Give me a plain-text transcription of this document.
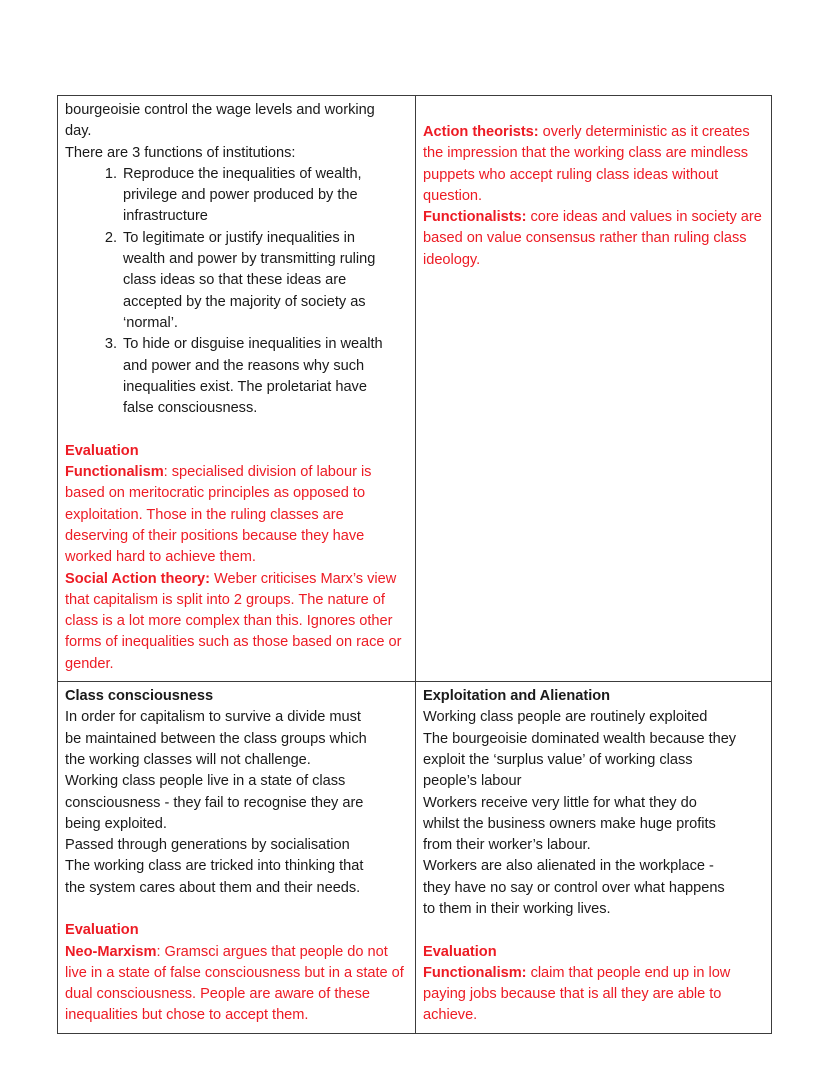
bourgeoisie control the wage levels and working
day.
There are 3 functions of institutions:
1. Reproduce the inequalities of wealth,
privilege and power produced by the
infrastructure
2. To legitimate or justify inequalities in
wealth and power by transmitting ruling
class ideas so that these ideas are
accepted by the majority of society as
‘normal’.
3. To hide or disguise inequalities in wealth
and power and the reasons why such
inequalities exist. The proletariat have
false consciousness.

Evaluation
Functionalism: specialised division of labour is based on meritocratic principles as opposed to exploitation. Those in the ruling classes are deserving of their positions because they have worked hard to achieve them.
Social Action theory: Weber criticises Marx’s view that capitalism is split into 2 groups. The nature of class is a lot more complex than this. Ignores other forms of inequalities such as those based on race or gender.

Action theorists: overly deterministic as it creates the impression that the working class are mindless puppets who accept ruling class ideas without question.
Functionalists: core ideas and values in society are based on value consensus rather than ruling class ideology.

Class consciousness
In order for capitalism to survive a divide must
be maintained between the class groups which
the working classes will not challenge.
Working class people live in a state of class
consciousness - they fail to recognise they are
being exploited.
Passed through generations by socialisation
The working class are tricked into thinking that
the system cares about them and their needs.

Evaluation
Neo-Marxism: Gramsci argues that people do not live in a state of false consciousness but in a state of dual consciousness. People are aware of these inequalities but chose to accept them.

Exploitation and Alienation
Working class people are routinely exploited
The bourgeoisie dominated wealth because they
exploit the ‘surplus value’ of working class
people’s labour
Workers receive very little for what they do
whilst the business owners make huge profits
from their worker’s labour.
Workers are also alienated in the workplace -
they have no say or control over what happens
to them in their working lives.

Evaluation
Functionalism: claim that people end up in low paying jobs because that is all they are able to achieve.
